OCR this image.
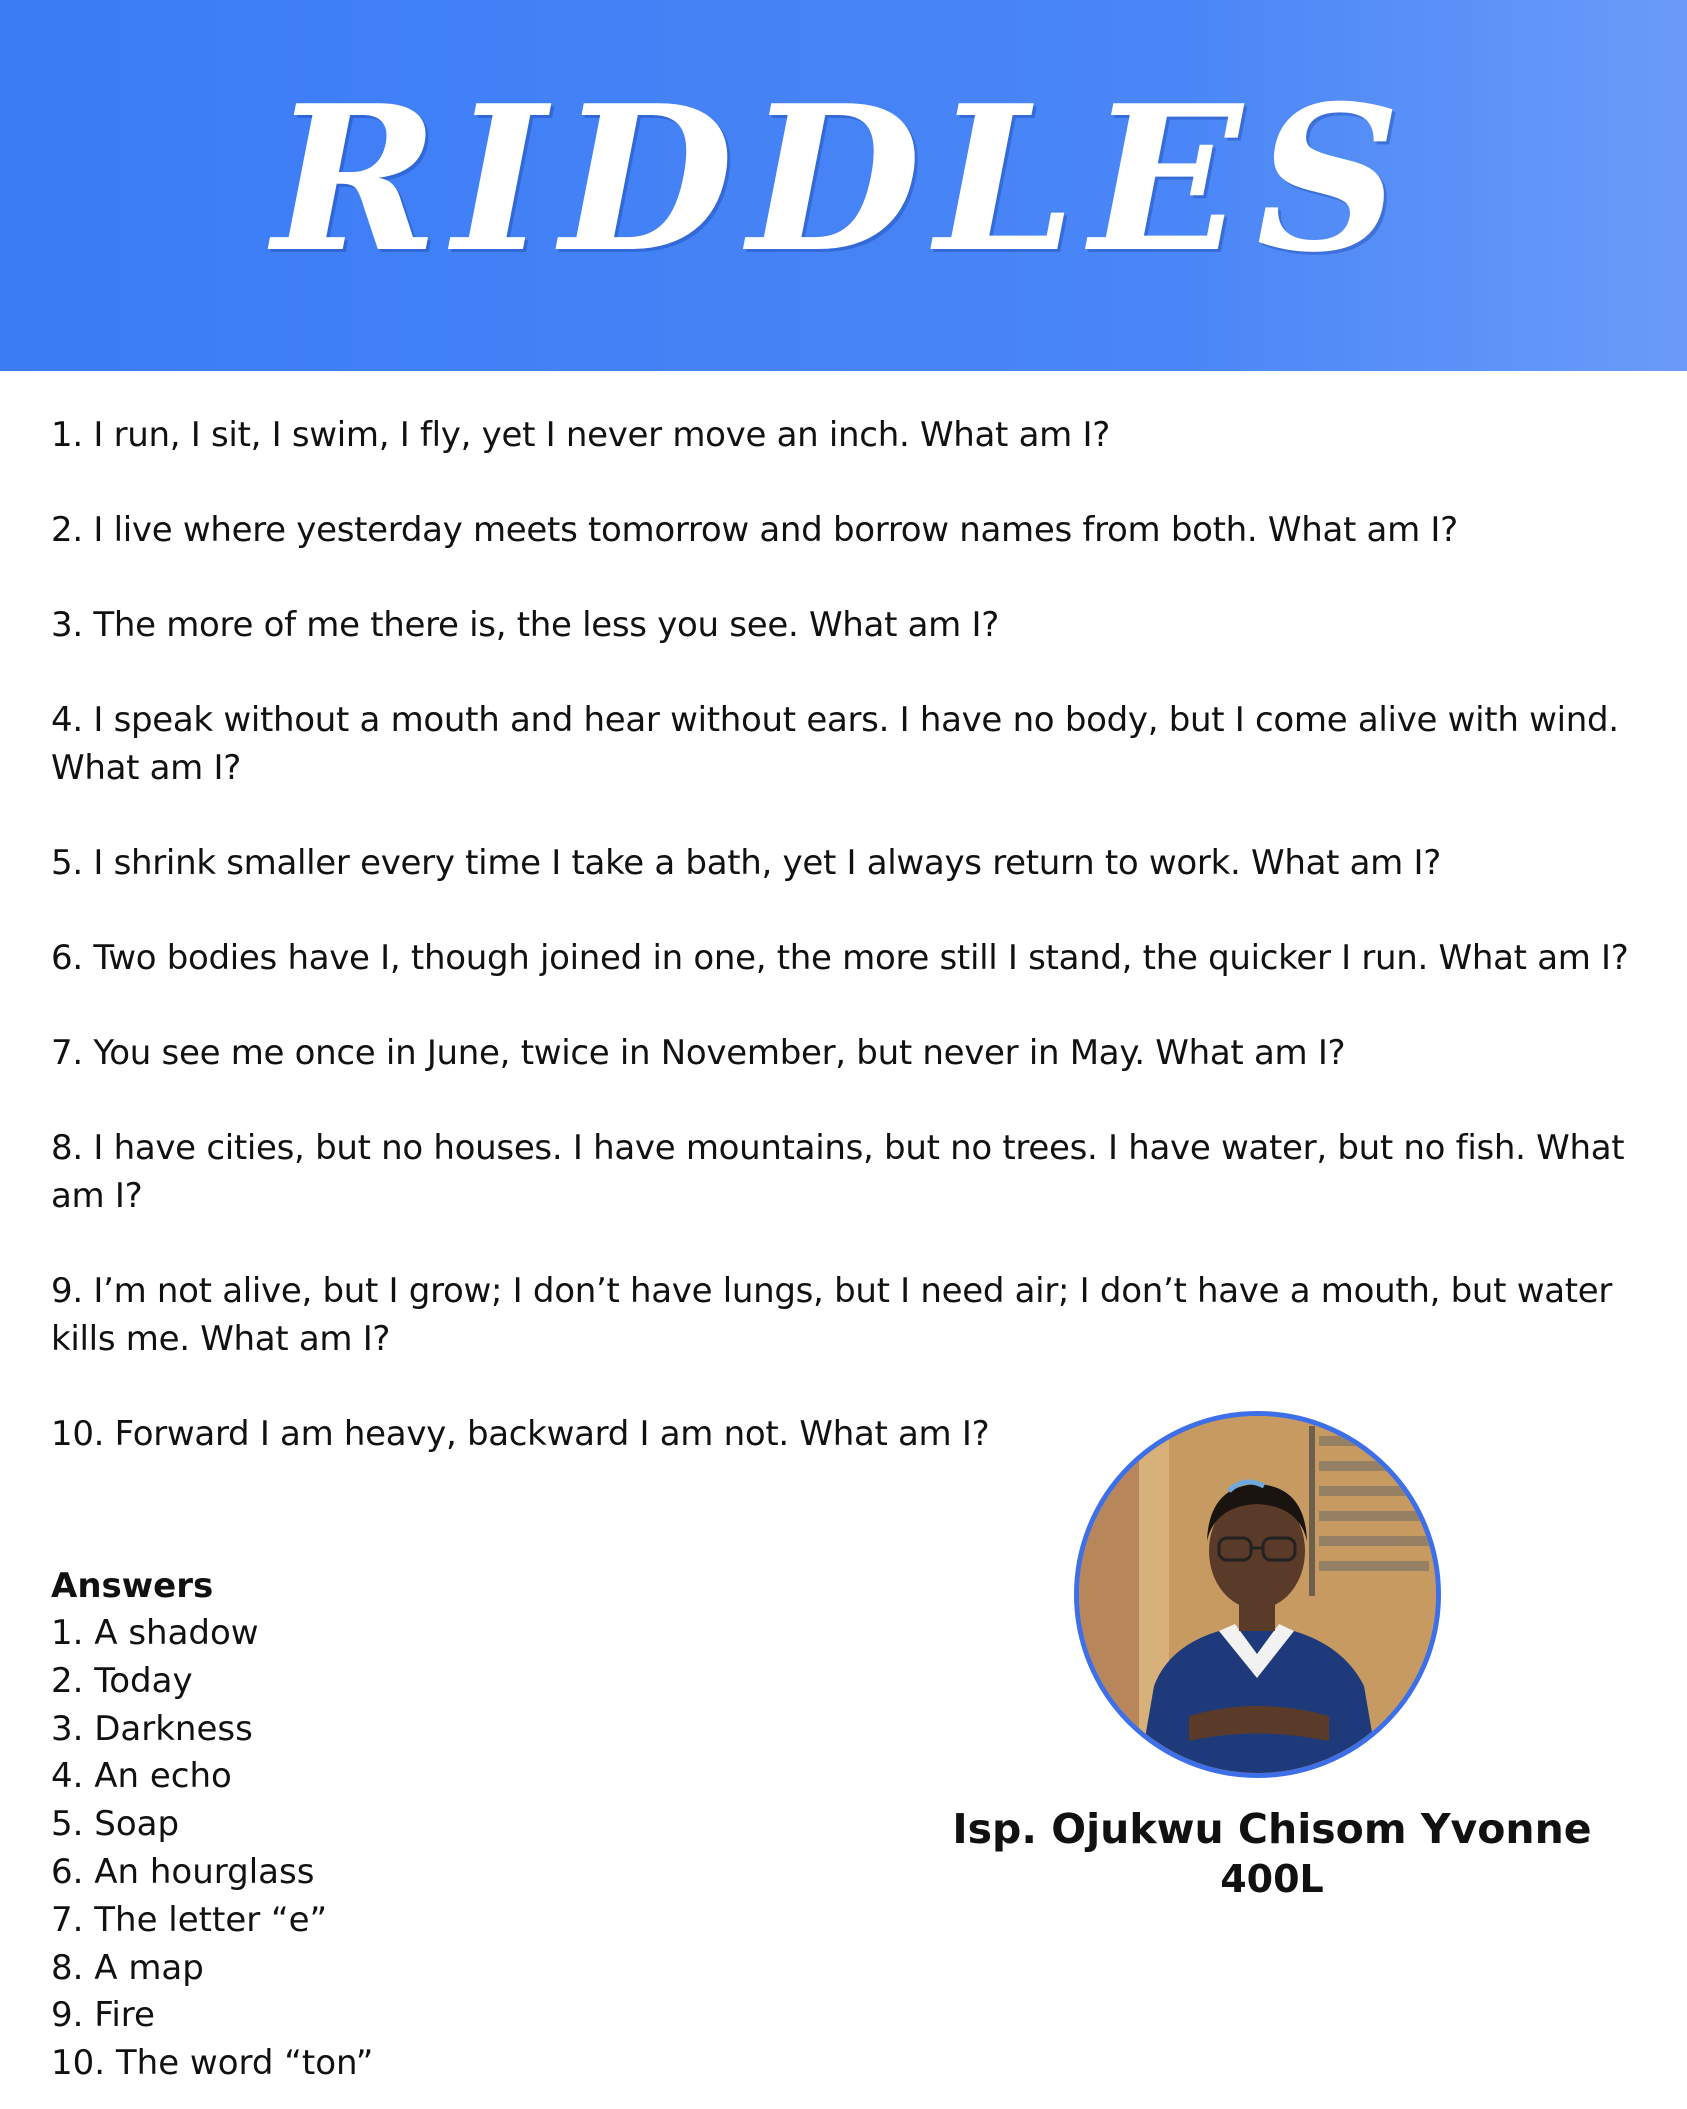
RIDDLES
1. I run, I sit, I swim, I fly, yet I never move an inch. What am I?
2. I live where yesterday meets tomorrow and borrow names from both. What am I?
3. The more of me there is, the less you see. What am I?
4. I speak without a mouth and hear without ears. I have no body, but I come alive with wind. What am I?
5. I shrink smaller every time I take a bath, yet I always return to work. What am I?
6. Two bodies have I, though joined in one, the more still I stand, the quicker I run. What am I?
7. You see me once in June, twice in November, but never in May. What am I?
8. I have cities, but no houses. I have mountains, but no trees. I have water, but no fish. What am I?
9. I’m not alive, but I grow; I don’t have lungs, but I need air; I don’t have a mouth, but water kills me. What am I?
10. Forward I am heavy, backward I am not. What am I?
Answers
1. A shadow
2. Today
3. Darkness
4. An echo
5. Soap
6. An hourglass
7. The letter “e”
8. A map
9. Fire
10. The word “ton”
Isp. Ojukwu Chisom Yvonne
400L
